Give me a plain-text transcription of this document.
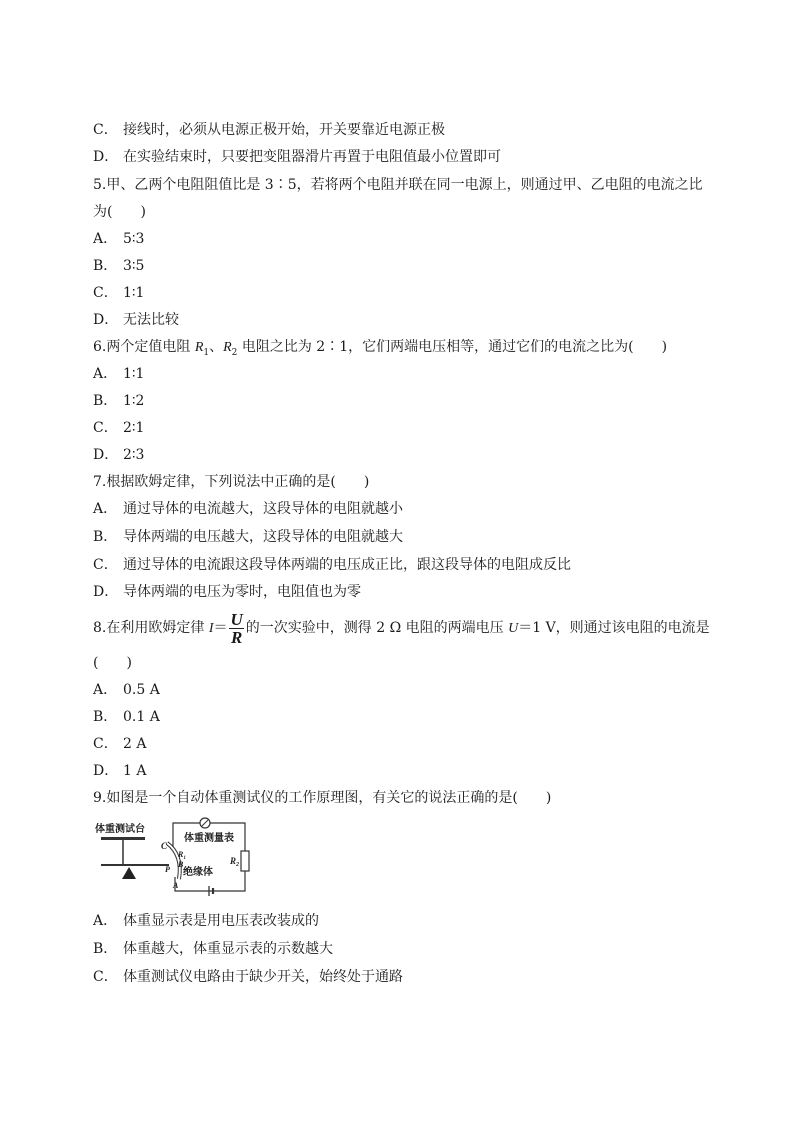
C． 接线时，必须从电源正极开始，开关要靠近电源正极
D． 在实验结束时，只要把变阻器滑片再置于电阻值最小位置即可
5.甲、乙两个电阻阻值比是 3∶5，若将两个电阻并联在同一电源上，则通过甲、乙电阻的电流之比
为(　　)
A． 5∶3
B． 3∶5
C． 1∶1
D． 无法比较
6.两个定值电阻 $R_1$、$R_2$ 电阻之比为 2∶1，它们两端电压相等，通过它们的电流之比为(　　)
A． 1∶1
B． 1∶2
C． 2∶1
D． 2∶3
7.根据欧姆定律，下列说法中正确的是(　　)
A． 通过导体的电流越大，这段导体的电阻就越小
B． 导体两端的电压越大，这段导体的电阻就越大
C． 通过导体的电流跟这段导体两端的电压成正比，跟这段导体的电阻成反比
D． 导体两端的电压为零时，电阻值也为零
8.在利用欧姆定律 $I= \frac{U}{R}$ 的一次实验中，测得 2 Ω 电阻的两端电压 U＝1 V，则通过该电阻的电流是
(　　)
A． 0.5 A
B． 0.1 A
C． 2 A
D． 1 A
9.如图是一个自动体重测试仪的工作原理图，有关它的说法正确的是(　　)
体重测试台
体重测量表
$R_2$
C
$R_1$
B
P
A
绝缘体
A． 体重显示表是用电压表改装成的
B． 体重越大，体重显示表的示数越大
C． 体重测试仪电路由于缺少开关，始终处于通路
